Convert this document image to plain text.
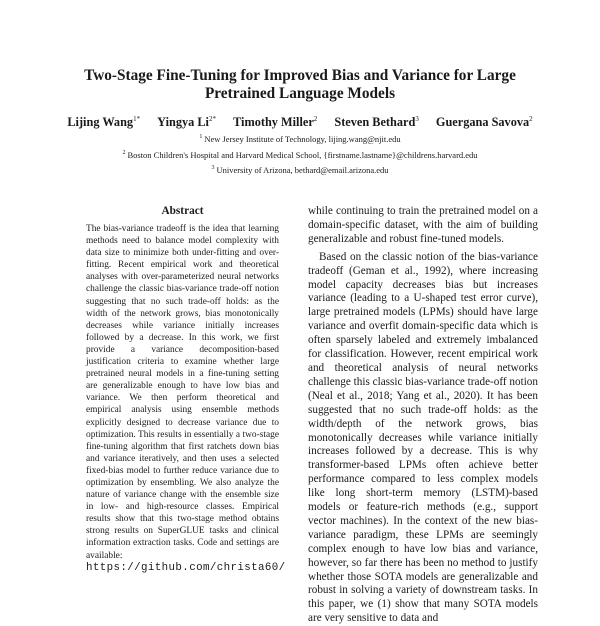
Two-Stage Fine-Tuning for Improved Bias and Variance for Large
Pretrained Language Models
Lijing Wang$^{1*}$ Yingya $Li^{2*}$ Timothy Miller$^2$ Steven Bethard$^3$ Guergana Savova$^2$
$^1$ New Jersey Institute of Technology, lijing.wang@njit.edu
$^2$ Boston Children's Hospital and Harvard Medical School, {firstname.lastname}@childrens.harvard.edu
$^3$ University of Arizona, bethard@email.arizona.edu
Abstract
The bias-variance tradeoff is the idea that learning methods need to balance model complexity with data size to minimize both under-fitting and over-fitting. Recent empirical work and theoretical analyses with over-parameterized neural networks challenge the classic bias-variance trade-off notion suggesting that no such trade-off holds: as the width of the network grows, bias monotonically decreases while variance initially increases followed by a decrease. In this work, we first provide a variance decomposition-based justification criteria to examine whether large pretrained neural models in a fine-tuning setting are generalizable enough to have low bias and variance. We then perform theoretical and empirical analysis using ensemble methods explicitly designed to decrease variance due to optimization. This results in essentially a two-stage fine-tuning algorithm that first ratchets down bias and variance iteratively, and then uses a selected fixed-bias model to further reduce variance due to optimization by ensembling. We also analyze the nature of variance change with the ensemble size in low- and high-resource classes. Empirical results show that this two-stage method obtains strong results on SuperGLUE tasks and clinical information extraction tasks. Code and settings are available:
https://github.com/christa60/

while continuing to train the pretrained model on a domain-specific dataset, with the aim of building generalizable and robust fine-tuned models.

Based on the classic notion of the bias-variance tradeoff (Geman et al., 1992), where increasing model capacity decreases bias but increases variance (leading to a U-shaped test error curve), large pretrained models (LPMs) should have large variance and overfit domain-specific data which is often sparsely labeled and extremely imbalanced for classification. However, recent empirical work and theoretical analysis of neural networks challenge this classic bias-variance trade-off notion (Neal et al., 2018; Yang et al., 2020). It has been suggested that no such trade-off holds: as the width/depth of the network grows, bias monotonically decreases while variance initially increases followed by a decrease. This is why transformer-based LPMs often achieve better performance compared to less complex models like long short-term memory (LSTM)-based models or feature-rich methods (e.g., support vector machines). In the context of the new bias-variance paradigm, these LPMs are seemingly complex enough to have low bias and variance, however, so far there has been no method to justify whether those SOTA models are generalizable and robust in solving a variety of downstream tasks. In this paper, we (1) show that many SOTA models are very sensitive to data and
